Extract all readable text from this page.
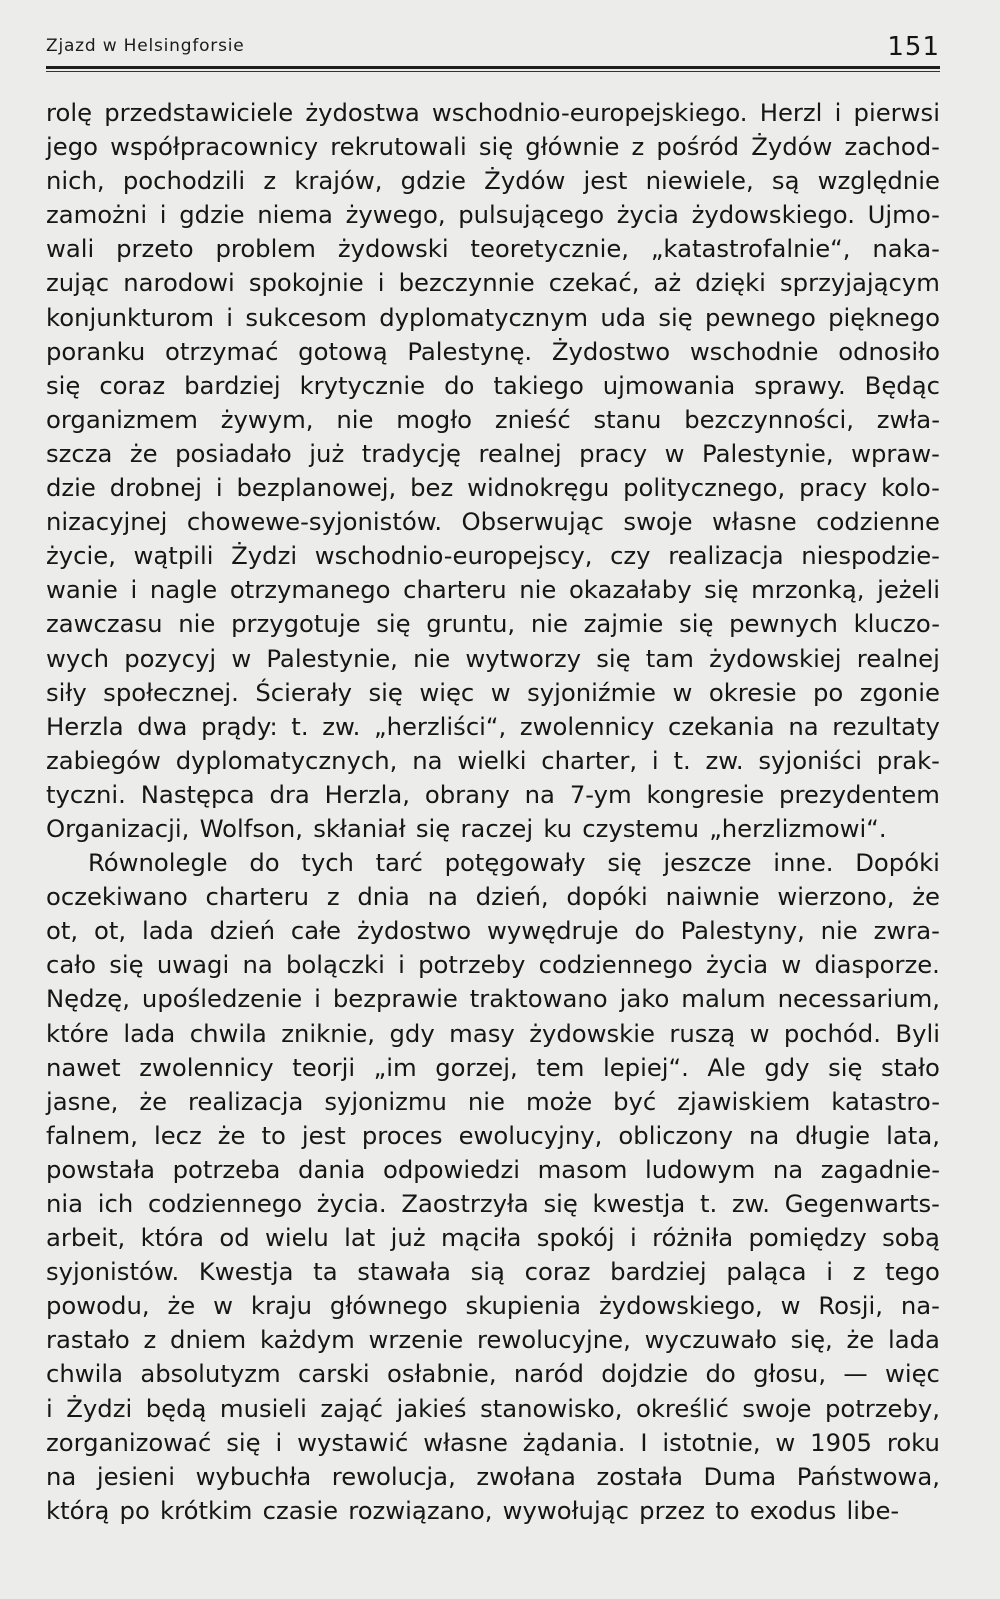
Zjazd w Helsingforsie	151
rolę przedstawiciele żydostwa wschodnio-europejskiego. Herzl i pierwsi
jego współpracownicy rekrutowali się głównie z pośród Żydów zachod-
nich, pochodzili z krajów, gdzie Żydów jest niewiele, są względnie
zamożni i gdzie niema żywego, pulsującego życia żydowskiego. Ujmo-
wali przeto problem żydowski teoretycznie, „katastrofalnie“, naka-
zując narodowi spokojnie i bezczynnie czekać, aż dzięki sprzyjającym
konjunkturom i sukcesom dyplomatycznym uda się pewnego pięknego
poranku otrzymać gotową Palestynę. Żydostwo wschodnie odnosiło
się coraz bardziej krytycznie do takiego ujmowania sprawy. Będąc
organizmem żywym, nie mogło znieść stanu bezczynności, zwła-
szcza że posiadało już tradycję realnej pracy w Palestynie, wpraw-
dzie drobnej i bezplanowej, bez widnokręgu politycznego, pracy kolo-
nizacyjnej chowewe-syjonistów. Obserwując swoje własne codzienne
życie, wątpili Żydzi wschodnio-europejscy, czy realizacja niespodzie-
wanie i nagle otrzymanego charteru nie okazałaby się mrzonką, jeżeli
zawczasu nie przygotuje się gruntu, nie zajmie się pewnych kluczo-
wych pozycyj w Palestynie, nie wytworzy się tam żydowskiej realnej
siły społecznej. Ścierały się więc w syjoniźmie w okresie po zgonie
Herzla dwa prądy: t. zw. „herzliści“, zwolennicy czekania na rezultaty
zabiegów dyplomatycznych, na wielki charter, i t. zw. syjoniści prak-
tyczni. Następca dra Herzla, obrany na 7-ym kongresie prezydentem
Organizacji, Wolfson, skłaniał się raczej ku czystemu „herzlizmowi“.
Równolegle do tych tarć potęgowały się jeszcze inne. Dopóki
oczekiwano charteru z dnia na dzień, dopóki naiwnie wierzono, że
ot, ot, lada dzień całe żydostwo wywędruje do Palestyny, nie zwra-
cało się uwagi na bolączki i potrzeby codziennego życia w diasporze.
Nędzę, upośledzenie i bezprawie traktowano jako malum necessarium,
które lada chwila zniknie, gdy masy żydowskie ruszą w pochód. Byli
nawet zwolennicy teorji „im gorzej, tem lepiej“. Ale gdy się stało
jasne, że realizacja syjonizmu nie może być zjawiskiem katastro-
falnem, lecz że to jest proces ewolucyjny, obliczony na długie lata,
powstała potrzeba dania odpowiedzi masom ludowym na zagadnie-
nia ich codziennego życia. Zaostrzyła się kwestja t. zw. Gegenwarts-
arbeit, która od wielu lat już mąciła spokój i różniła pomiędzy sobą
syjonistów. Kwestja ta stawała sią coraz bardziej paląca i z tego
powodu, że w kraju głównego skupienia żydowskiego, w Rosji, na-
rastało z dniem każdym wrzenie rewolucyjne, wyczuwało się, że lada
chwila absolutyzm carski osłabnie, naród dojdzie do głosu, — więc
i Żydzi będą musieli zająć jakieś stanowisko, określić swoje potrzeby,
zorganizować się i wystawić własne żądania. I istotnie, w 1905 roku
na jesieni wybuchła rewolucja, zwołana została Duma Państwowa,
którą po krótkim czasie rozwiązano, wywołując przez to exodus libe-
